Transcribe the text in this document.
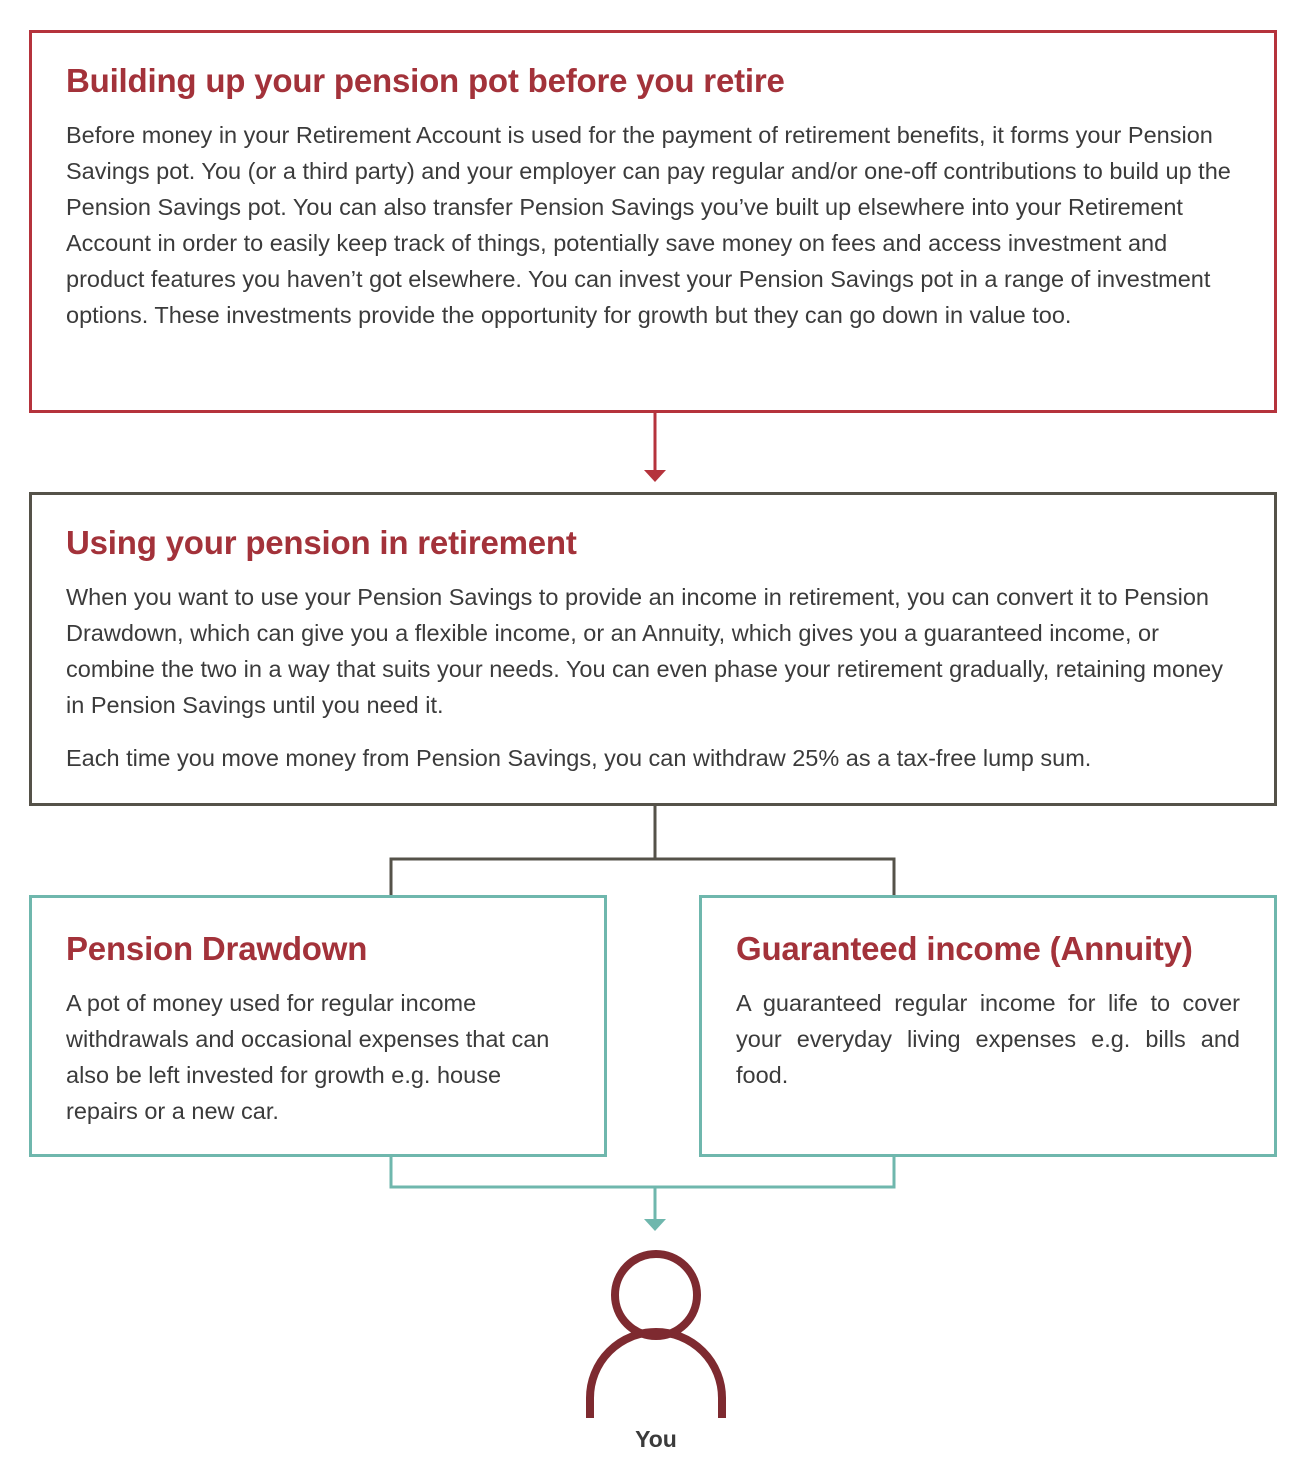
Building up your pension pot before you retire

Before money in your Retirement Account is used for the payment of retirement benefits, it forms your Pension Savings pot. You (or a third party) and your employer can pay regular and/or one-off contributions to build up the Pension Savings pot. You can also transfer Pension Savings you’ve built up elsewhere into your Retirement Account in order to easily keep track of things, potentially save money on fees and access investment and product features you haven’t got elsewhere. You can invest your Pension Savings pot in a range of investment options. These investments provide the opportunity for growth but they can go down in value too.

Using your pension in retirement

When you want to use your Pension Savings to provide an income in retirement, you can convert it to Pension Drawdown, which can give you a flexible income, or an Annuity, which gives you a guaranteed income, or combine the two in a way that suits your needs. You can even phase your retirement gradually, retaining money in Pension Savings until you need it.

Each time you move money from Pension Savings, you can withdraw 25% as a tax-free lump sum.

Pension Drawdown

A pot of money used for regular income withdrawals and occasional expenses that can also be left invested for growth e.g. house repairs or a new car.

Guaranteed income (Annuity)

A guaranteed regular income for life to cover your everyday living expenses e.g. bills and food.

You
